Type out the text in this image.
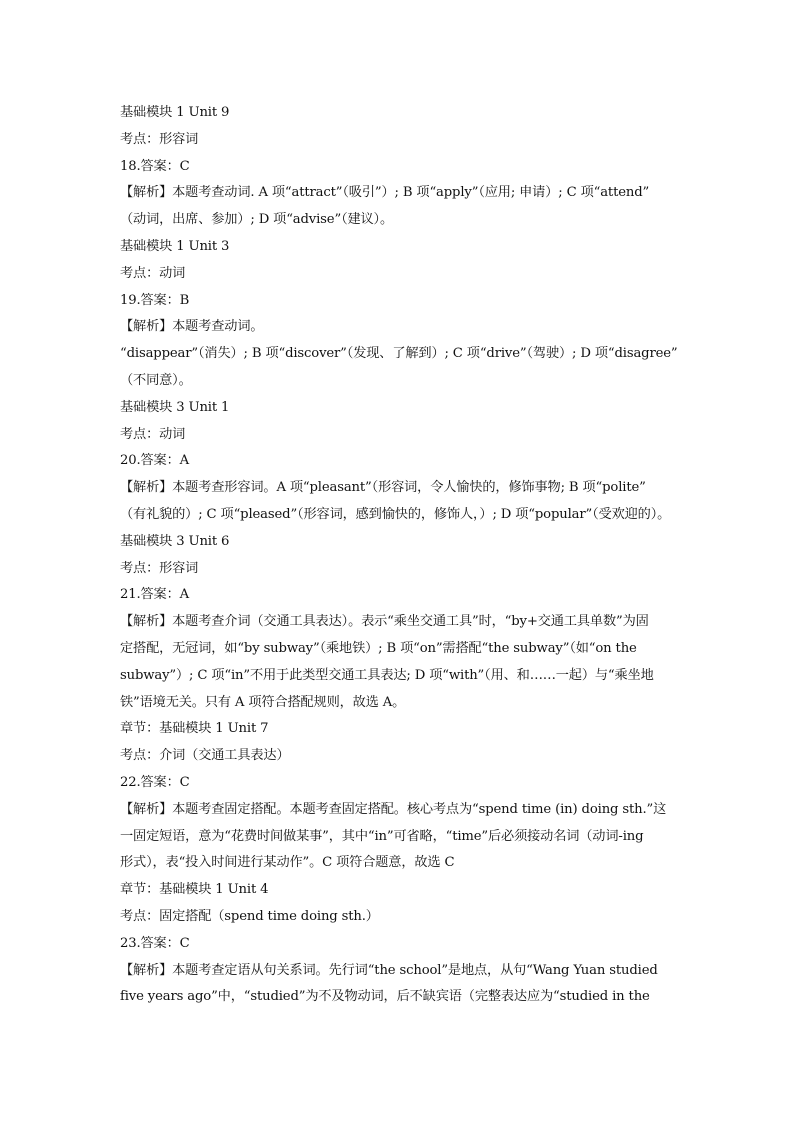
基础模块 1 Unit 9
考点：形容词
18.答案：C
【解析】本题考查动词. A 项“attract”（吸引”）; B 项“apply”（应用; 申请）; C 项“attend”
（动词，出席、参加）; D 项“advise”（建议）。
基础模块 1 Unit 3
考点：动词
19.答案：B
【解析】本题考查动词。
“disappear”（消失）; B 项“discover”（发现、了解到）; C 项“drive”（驾驶）; D 项“disagree”
（不同意）。
基础模块 3 Unit 1
考点：动词
20.答案：A
【解析】本题考查形容词。A 项“pleasant”（形容词，令人愉快的，修饰事物; B 项“polite”
（有礼貌的）; C 项“pleased”（形容词，感到愉快的，修饰人，）; D 项“popular”（受欢迎的）。
基础模块 3 Unit 6
考点：形容词
21.答案：A
【解析】本题考查介词（交通工具表达）。表示“乘坐交通工具”时，“by+交通工具单数”为固
定搭配，无冠词，如“by subway”（乘地铁）; B 项“on”需搭配“the subway”（如“on the
subway”）; C 项“in”不用于此类型交通工具表达; D 项“with”（用、和……一起）与“乘坐地
铁”语境无关。只有 A 项符合搭配规则，故选 A。
章节：基础模块 1 Unit 7
考点：介词（交通工具表达）
22.答案：C
【解析】本题考查固定搭配。本题考查固定搭配。核心考点为“spend time (in) doing sth.”这
一固定短语，意为“花费时间做某事”，其中“in”可省略，“time”后必须接动名词（动词-ing
形式），表“投入时间进行某动作”。C 项符合题意，故选 C
章节：基础模块 1 Unit 4
考点：固定搭配（spend time doing sth.）
23.答案：C
【解析】本题考查定语从句关系词。先行词“the school”是地点，从句“Wang Yuan studied
five years ago”中，“studied”为不及物动词，后不缺宾语（完整表达应为“studied in the
